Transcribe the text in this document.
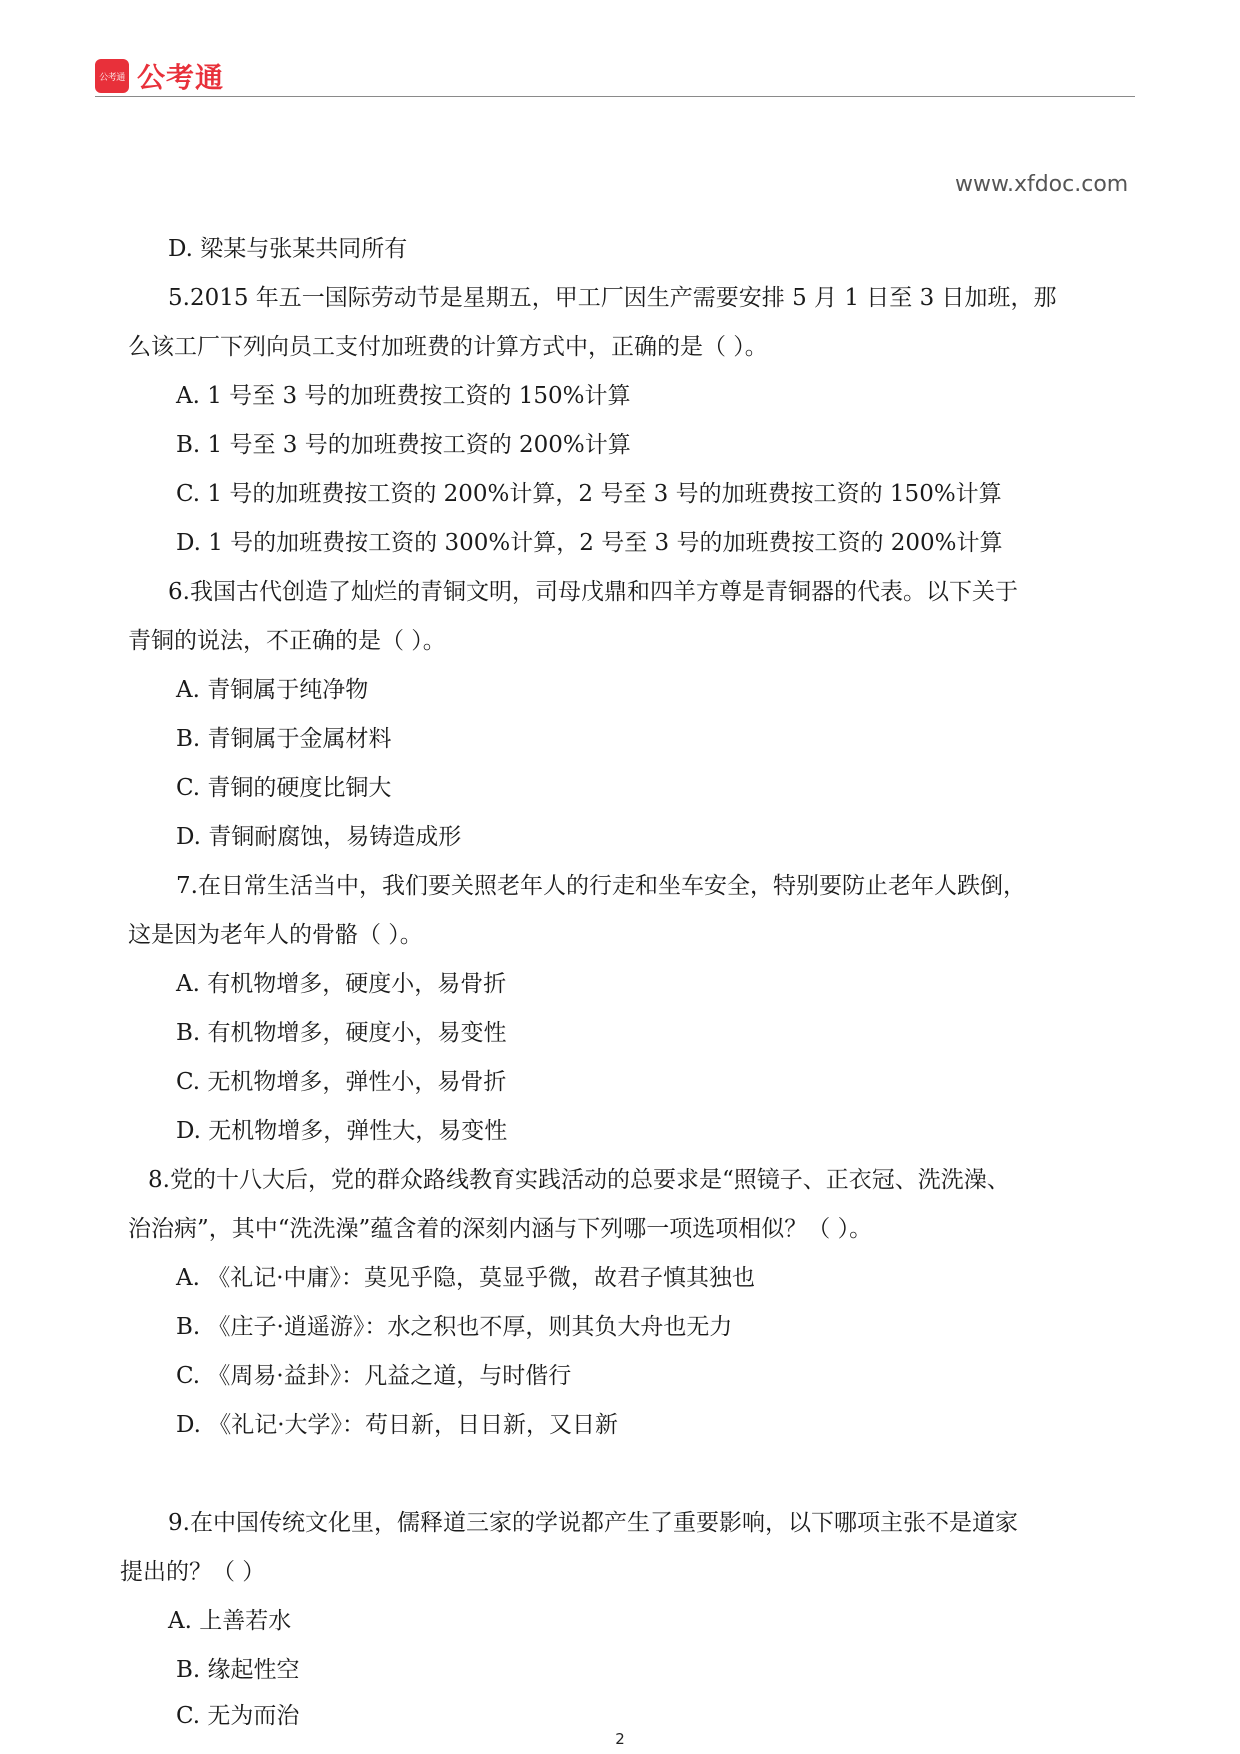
公考通 公考通
www.xfdoc.com
D. 梁某与张某共同所有
5.2015 年五一国际劳动节是星期五，甲工厂因生产需要安排 5 月 1 日至 3 日加班，那
么该工厂下列向员工支付加班费的计算方式中，正确的是（ ）。
A. 1 号至 3 号的加班费按工资的 150%计算
B. 1 号至 3 号的加班费按工资的 200%计算
C. 1 号的加班费按工资的 200%计算，2 号至 3 号的加班费按工资的 150%计算
D. 1 号的加班费按工资的 300%计算，2 号至 3 号的加班费按工资的 200%计算
6.我国古代创造了灿烂的青铜文明，司母戊鼎和四羊方尊是青铜器的代表。以下关于
青铜的说法，不正确的是（ ）。
A. 青铜属于纯净物
B. 青铜属于金属材料
C. 青铜的硬度比铜大
D. 青铜耐腐蚀，易铸造成形
7.在日常生活当中，我们要关照老年人的行走和坐车安全，特别要防止老年人跌倒，
这是因为老年人的骨骼（ ）。
A. 有机物增多，硬度小，易骨折
B. 有机物增多，硬度小，易变性
C. 无机物增多，弹性小，易骨折
D. 无机物增多，弹性大，易变性
8.党的十八大后，党的群众路线教育实践活动的总要求是“照镜子、正衣冠、洗洗澡、
治治病”，其中“洗洗澡”蕴含着的深刻内涵与下列哪一项选项相似？（ ）。
A. 《礼记·中庸》：莫见乎隐，莫显乎微，故君子慎其独也
B. 《庄子·逍遥游》：水之积也不厚，则其负大舟也无力
C. 《周易·益卦》：凡益之道，与时偕行
D. 《礼记·大学》：苟日新，日日新，又日新
9.在中国传统文化里，儒释道三家的学说都产生了重要影响，以下哪项主张不是道家
提出的？（ ）
A. 上善若水
B. 缘起性空
C. 无为而治
2
